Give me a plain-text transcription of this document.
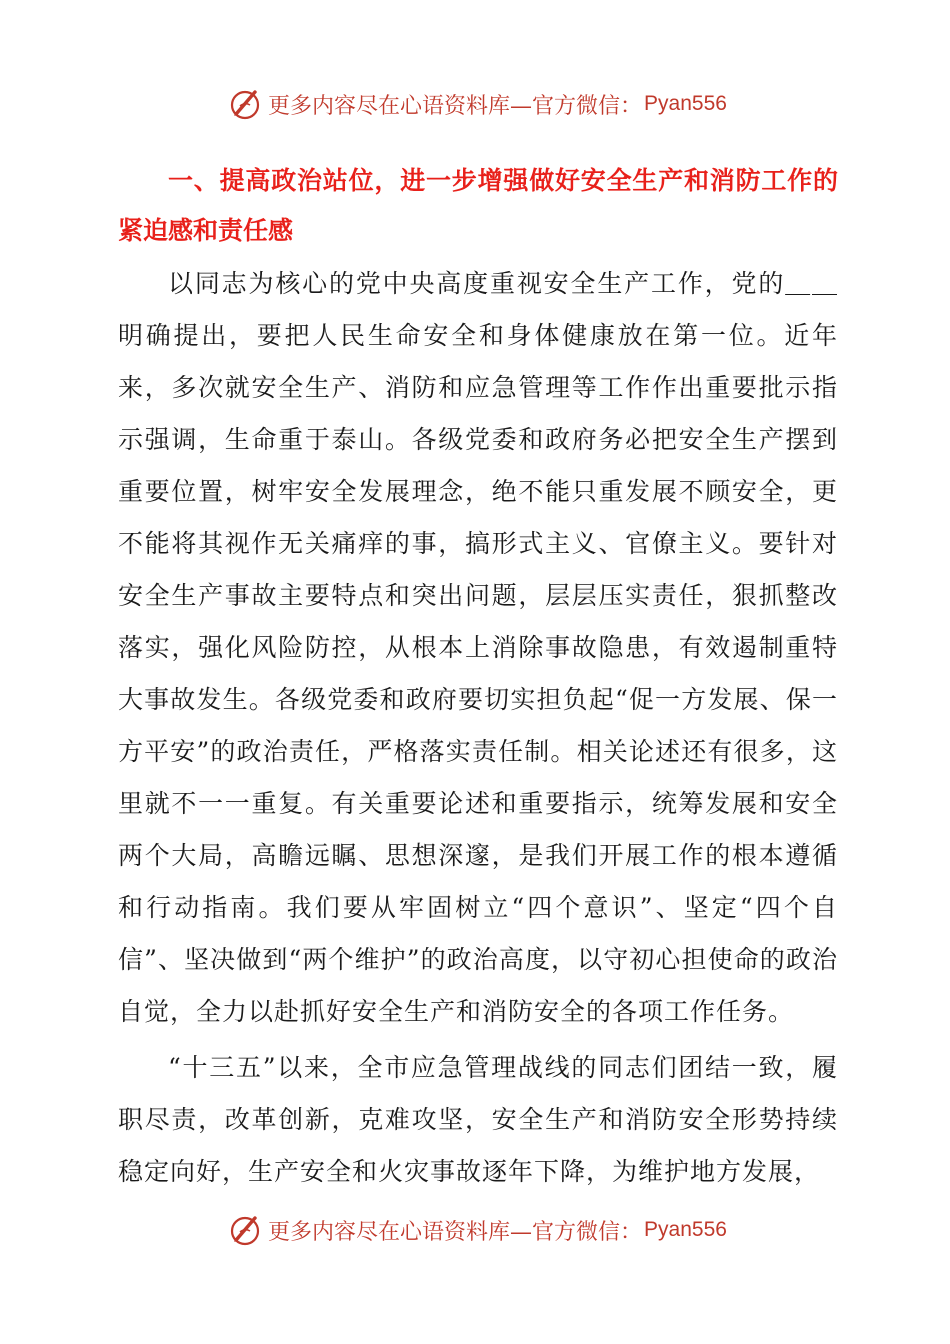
更多内容尽在心语资料库— 官方微信： Pyan556
一、提高政治站位，进一步增强做好安全生产和消防工作的紧迫感和责任感

以同志为核心的党中央高度重视安全生产工作，党的＿＿明确提出，要把人民生命安全和身体健康放在第一位。近年来，多次就安全生产、消防和应急管理等工作作出重要批示指示强调，生命重于泰山。各级党委和政府务必把安全生产摆到重要位置，树牢安全发展理念，绝不能只重发展不顾安全，更不能将其视作无关痛痒的事，搞形式主义、官僚主义。要针对安全生产事故主要特点和突出问题，层层压实责任，狠抓整改落实，强化风险防控，从根本上消除事故隐患，有效遏制重特大事故发生。各级党委和政府要切实担负起“促一方发展、保一方平安”的政治责任，严格落实责任制。相关论述还有很多，这里就不一一重复。有关重要论述和重要指示，统筹发展和安全两个大局，高瞻远瞩、思想深邃，是我们开展工作的根本遵循和行动指南。我们要从牢固树立“四个意识”、坚定“四个自信”、坚决做到“两个维护”的政治高度，以守初心担使命的政治自觉，全力以赴抓好安全生产和消防安全的各项工作任务。

“十三五”以来，全市应急管理战线的同志们团结一致，履职尽责，改革创新，克难攻坚，安全生产和消防安全形势持续稳定向好，生产安全和火灾事故逐年下降，为维护地方发展，

更多内容尽在心语资料库— 官方微信： Pyan556
